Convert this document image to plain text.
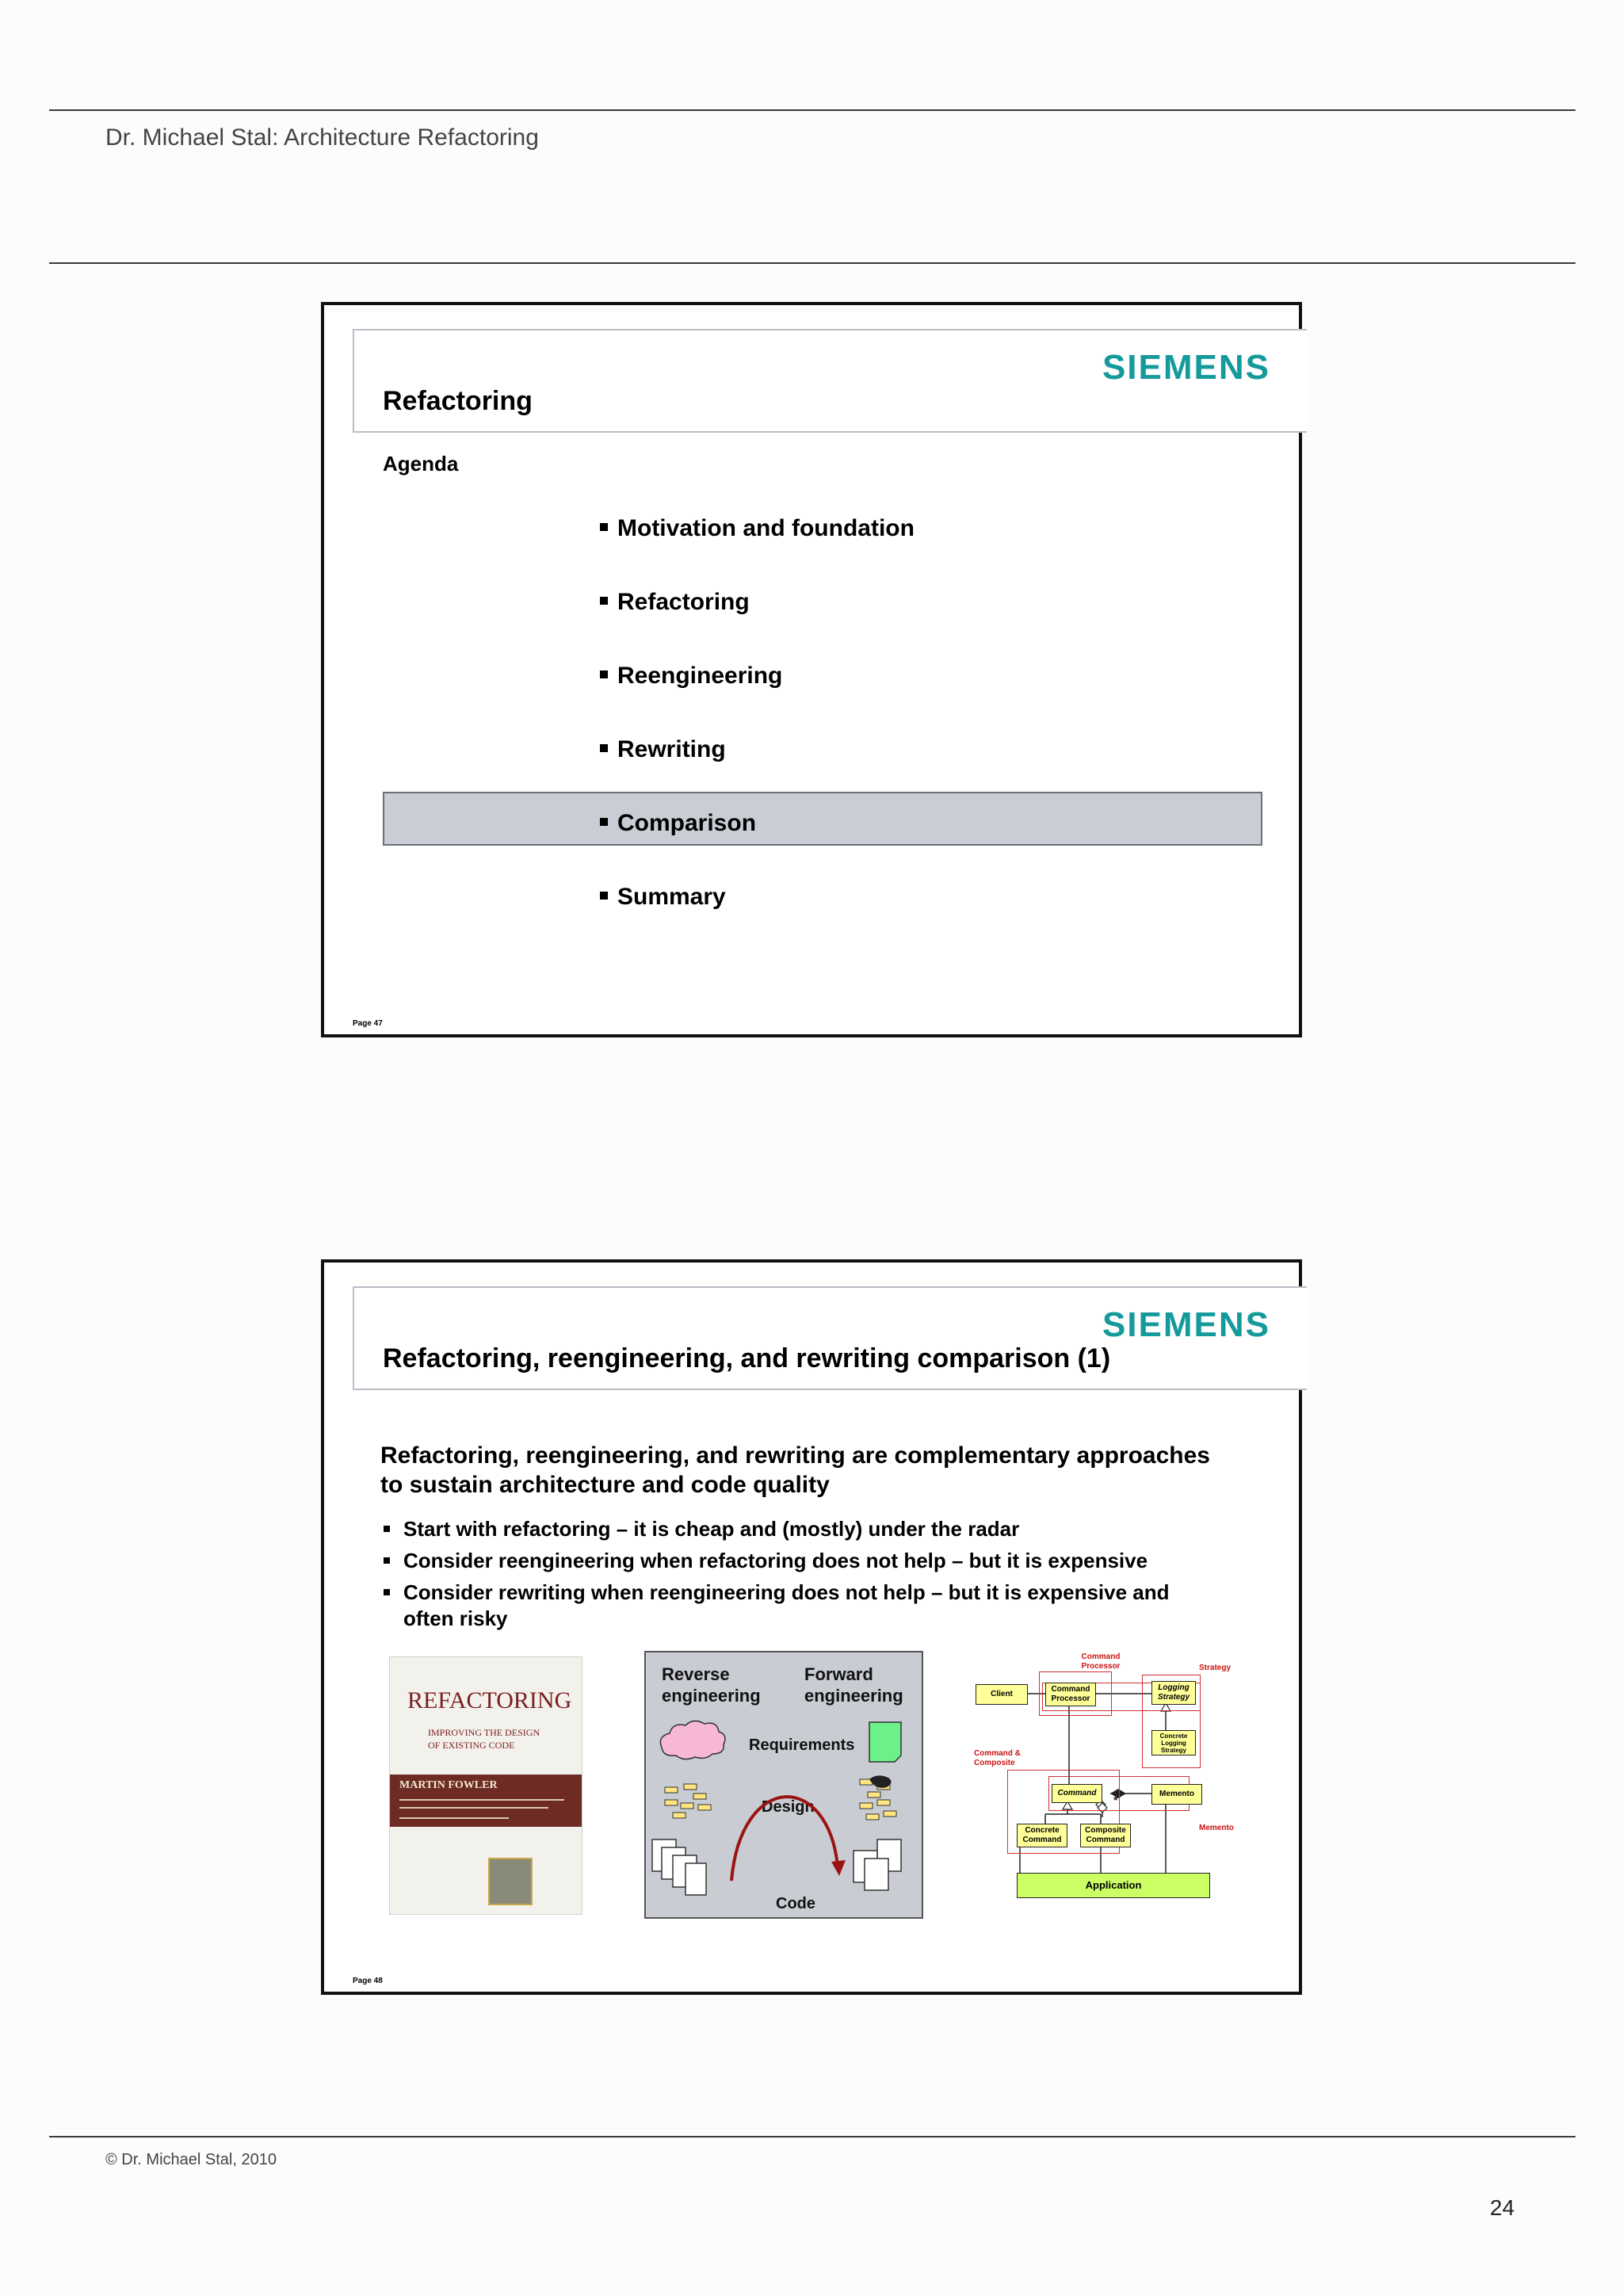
Dr. Michael Stal: Architecture Refactoring
SIEMENS
Refactoring
Agenda
Motivation and foundation
Refactoring
Reengineering
Rewriting
Comparison
Summary
Page 47
SIEMENS
Refactoring, reengineering, and rewriting comparison (1)
Refactoring, reengineering, and rewriting are complementary approaches
to sustain architecture and code quality
Start with refactoring – it is cheap and (mostly) under the radar
Consider reengineering when refactoring does not help – but it is expensive
Consider rewriting when reengineering does not help – but it is expensive and often risky
REFACTORING
IMPROVING THE DESIGN
OF EXISTING CODE
MARTIN FOWLER
Reverse
engineering
Forward
engineering
Requirements
Design
Code
Command Processor	Strategy
Command & Composite
Memento
Client
Command Processor
Logging Strategy
Concrete Logging Strategy
Command
*	Memento
Concrete Command
Composite Command
Application
Page 48
© Dr. Michael Stal, 2010
24
